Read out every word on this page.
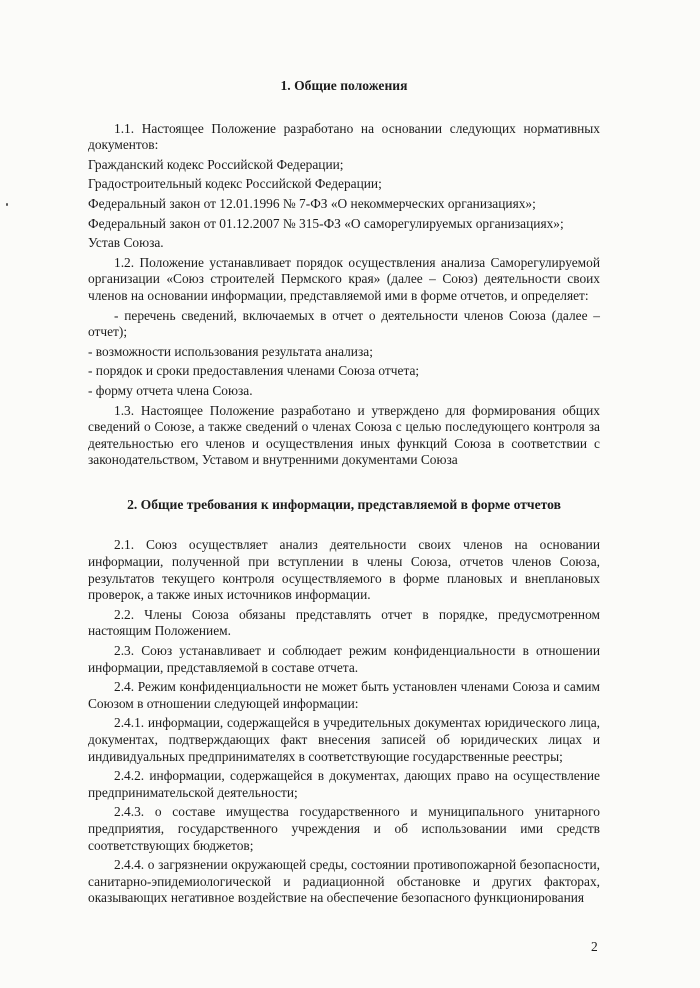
1. Общие положения

1.1. Настоящее Положение разработано на основании следующих нормативных документов:

Гражданский кодекс Российской Федерации;

Градостроительный кодекс Российской Федерации;

Федеральный закон от 12.01.1996 № 7-ФЗ «О некоммерческих организациях»;

Федеральный закон от 01.12.2007 № 315-ФЗ «О саморегулируемых организациях»;

Устав Союза.

1.2. Положение устанавливает порядок осуществления анализа Саморегулируемой организации «Союз строителей Пермского края» (далее – Союз) деятельности своих членов на основании информации, представляемой ими в форме отчетов, и определяет:

- перечень сведений, включаемых в отчет о деятельности членов Союза (далее – отчет);

- возможности использования результата анализа;

- порядок и сроки предоставления членами Союза отчета;

- форму отчета члена Союза.

1.3. Настоящее Положение разработано и утверждено для формирования общих сведений о Союзе, а также сведений о членах Союза с целью последующего контроля за деятельностью его членов и осуществления иных функций Союза в соответствии с законодательством, Уставом и внутренними документами Союза

2. Общие требования к информации, представляемой в форме отчетов

2.1. Союз осуществляет анализ деятельности своих членов на основании информации, полученной при вступлении в члены Союза, отчетов членов Союза, результатов текущего контроля осуществляемого в форме плановых и внеплановых проверок, а также иных источников информации.

2.2. Члены Союза обязаны представлять отчет в порядке, предусмотренном настоящим Положением.

2.3. Союз устанавливает и соблюдает режим конфиденциальности в отношении информации, представляемой в составе отчета.

2.4. Режим конфиденциальности не может быть установлен членами Союза и самим Союзом в отношении следующей информации:

2.4.1. информации, содержащейся в учредительных документах юридического лица, документах, подтверждающих факт внесения записей об юридических лицах и индивидуальных предпринимателях в соответствующие государственные реестры;

2.4.2. информации, содержащейся в документах, дающих право на осуществление предпринимательской деятельности;

2.4.3. о составе имущества государственного и муниципального унитарного предприятия, государственного учреждения и об использовании ими средств соответствующих бюджетов;

2.4.4. о загрязнении окружающей среды, состоянии противопожарной безопасности, санитарно-эпидемиологической и радиационной обстановке и других факторах, оказывающих негативное воздействие на обеспечение безопасного функционирования

2
